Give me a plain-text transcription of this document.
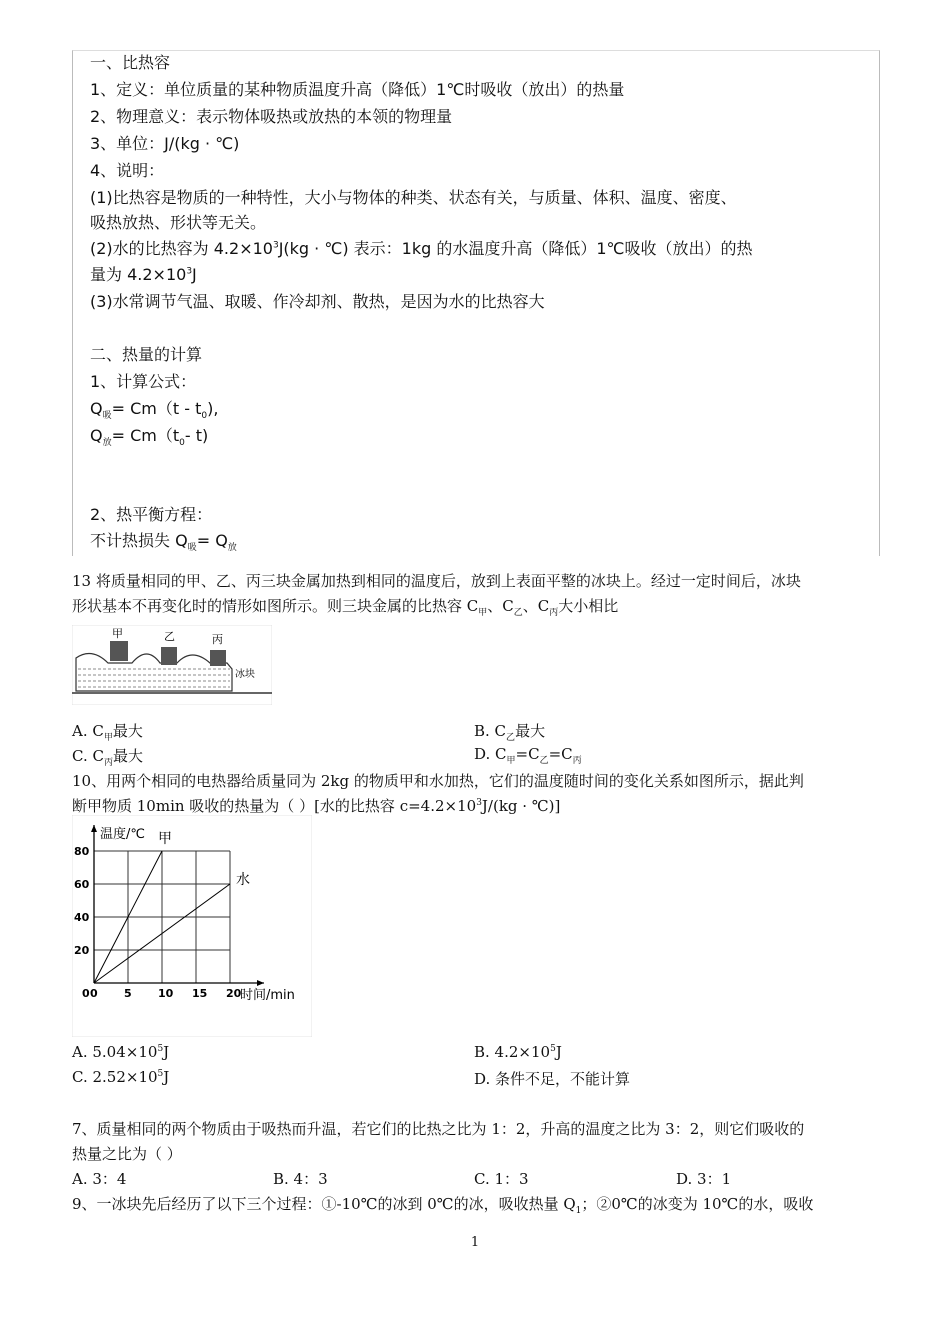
一、比热容
1、定义：单位质量的某种物质温度升高（降低）1℃时吸收（放出）的热量
2、物理意义：表示物体吸热或放热的本领的物理量
3、单位：J/(kg · ℃)
4、说明：
(1)比热容是物质的一种特性，大小与物体的种类、状态有关，与质量、体积、温度、密度、
吸热放热、形状等无关。
(2)水的比热容为 $4.2\times 10^3J(kg$ · ℃) 表示：1kg 的水温度升高（降低）1℃吸收（放出）的热
量为 $4.2\times 10^3J$
(3)水常调节气温、取暖、作冷却剂、散热，是因为水的比热容大
二、热量的计算
1、计算公式：
$Q_吸= Cm(t - t_0)$,
$Q_放= Cm(t_0-$ t)
2、热平衡方程：
不计热损失 $Q_吸= Q_放$
13 将质量相同的甲、乙、丙三块金属加热到相同的温度后，放到上表面平整的冰块上。经过一定时间后，冰块
形状基本不再变化时的情形如图所示。则三块金属的比热容 $C_甲$、$C_乙$、$C_丙$大小相比
甲	乙	丙
冰块
A. $C_甲$最大	B. $C_乙$最大
C. $C_丙$最大	D. $C_甲=C_乙=C_丙$
10、用两个相同的电热器给质量同为 2kg 的物质甲和水加热，它们的温度随时间的变化关系如图所示，据此判
断甲物质 10min 吸收的热量为（ ）[水的比热容 $c=4.2\times 10^3J/(kg$ · ℃)]
0 5 10 15 20
20
40
60
80
温度/℃
时间/min
0
甲
水
A. $5.04\times 10^5J$	B. $4.2\times 10^5J$
C. $2.52\times 10^5J$	D. 条件不足，不能计算
7、质量相同的两个物质由于吸热而升温，若它们的比热之比为 1：2，升高的温度之比为 3：2，则它们吸收的
热量之比为（ ）
A. 3：4	B. 4：3	C. 1：3	D. 3：1
9、一冰块先后经历了以下三个过程：①-10℃的冰到 0℃的冰，吸收热量 $Q_1$；②0℃的冰变为 10℃的水，吸收
1
